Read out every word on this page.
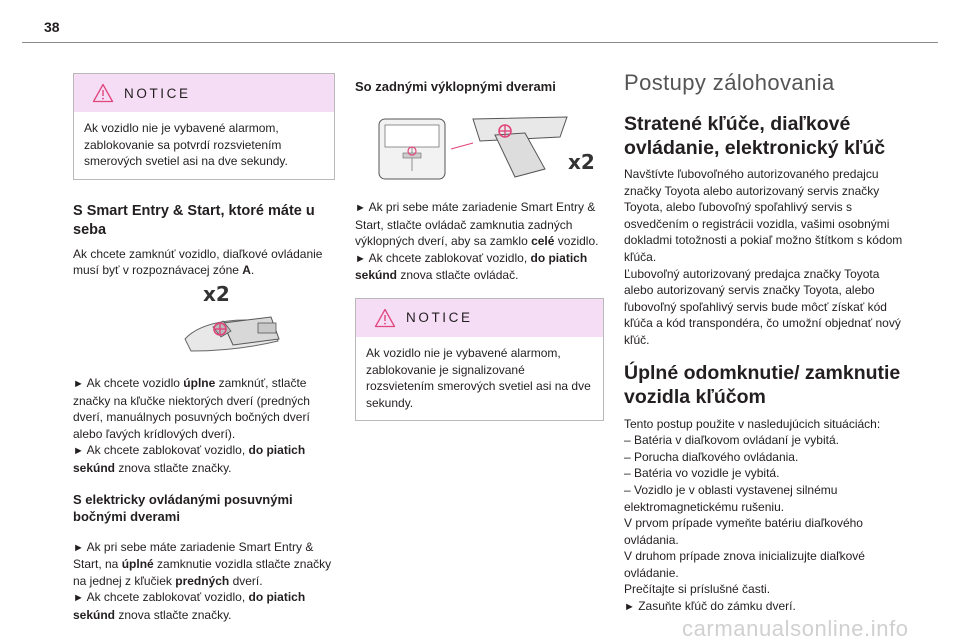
38
NOTICE
Ak vozidlo nie je vybavené alarmom, zablokovanie sa potvrdí rozsvietením smerových svetiel asi na dve sekundy.
S Smart Entry & Start, ktoré máte u seba

Ak chcete zamknúť vozidlo, diaľkové ovládanie musí byť v rozpoznávacej zóne A.

x2

► Ak chcete vozidlo úplne zamknúť, stlačte značky na kľučke niektorých dverí (predných dverí, manuálnych posuvných bočných dverí alebo ľavých krídlových dverí).

► Ak chcete zablokovať vozidlo, do piatich sekúnd znova stlačte značky.

S elektricky ovládanými posuvnými bočnými dverami

► Ak pri sebe máte zariadenie Smart Entry & Start, na úplné zamknutie vozidla stlačte značky na jednej z kľučiek predných dverí.

► Ak chcete zablokovať vozidlo, do piatich sekúnd znova stlačte značky.

So zadnými výklopnými dverami
x2

► Ak pri sebe máte zariadenie Smart Entry & Start, stlačte ovládač zamknutia zadných výklopných dverí, aby sa zamklo celé vozidlo.

► Ak chcete zablokovať vozidlo, do piatich sekúnd znova stlačte ovládač.

NOTICE
Ak vozidlo nie je vybavené alarmom, zablokovanie je signalizované rozsvietením smerových svetiel asi na dve sekundy.
Postupy zálohovania
Stratené kľúče, diaľkové ovládanie, elektronický kľúč

Navštívte ľubovoľného autorizovaného predajcu značky Toyota alebo autorizovaný servis značky Toyota, alebo ľubovoľný spoľahlivý servis s osvedčením o registrácii vozidla, vašimi osobnými dokladmi totožnosti a pokiaľ možno štítkom s kódom kľúča.

Ľubovoľný autorizovaný predajca značky Toyota alebo autorizovaný servis značky Toyota, alebo ľubovoľný spoľahlivý servis bude môcť získať kód kľúča a kód transpondéra, čo umožní objednať nový kľúč.

Úplné odomknutie/ zamknutie vozidla kľúčom

Tento postup použite v nasledujúcich situáciách:

– Batéria v diaľkovom ovládaní je vybitá.

– Porucha diaľkového ovládania.

– Batéria vo vozidle je vybitá.

– Vozidlo je v oblasti vystavenej silnému elektromagnetickému rušeniu.

V prvom prípade vymeňte batériu diaľkového ovládania.

V druhom prípade znova inicializujte diaľkové ovládanie.

Prečítajte si príslušné časti.

► Zasuňte kľúč do zámku dverí.

carmanualsonline.info
